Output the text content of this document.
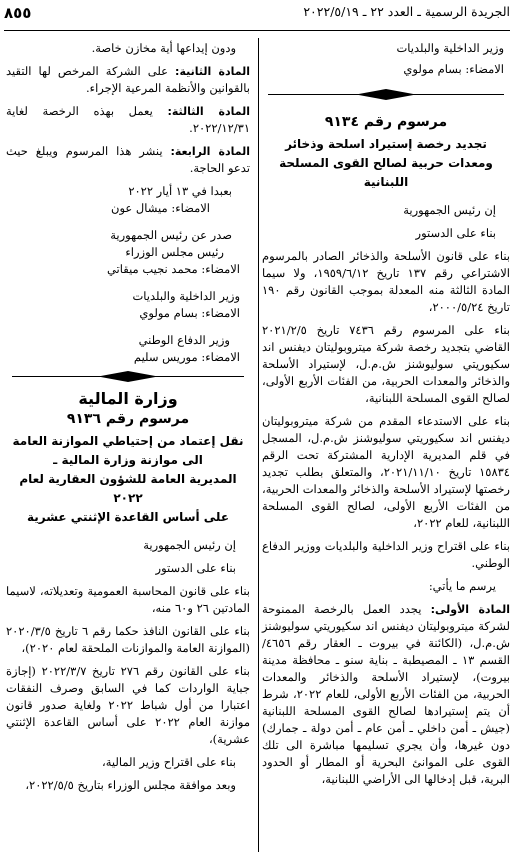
الجريدة الرسمية ـ العدد ٢٢ ـ ٢٠٢٢/٥/١٩
٨٥٥

وزير الداخلية والبلديات

الامضاء: بسام مولوي

مرسوم رقم ٩١٣٤
تجديد رخصة إستيراد اسلحة وذخائر ومعدات حربية لصالح القوى المسلحة اللبنانية

إن رئيس الجمهورية

بناء على الدستور

بناء على قانون الأسلحة والذخائر الصادر بالمرسوم الاشتراعي رقم ١٣٧ تاريخ ١٩٥٩/٦/١٢، ولا سيما المادة الثالثة منه المعدلة بموجب القانون رقم ١٩٠ تاريخ ٢٠٠٠/٥/٢٤،

بناء على المرسوم رقم ٧٤٣٦ تاريخ ٢٠٢١/٢/٥ القاضي بتجديد رخصة شركة ميتروبوليتان ديفنس اند سكيوريتي سوليوشنز ش.م.ل، لإستيراد الأسلحة والذخائر والمعدات الحربية، من الفئات الأربع الأولى، لصالح القوى المسلحة اللبنانية،

بناء على الاستدعاء المقدم من شركة ميتروبوليتان ديفنس اند سكيوريتي سوليوشنز ش.م.ل، المسجل في قلم المديرية الإدارية المشتركة تحت الرقم ١٥٨٣٤ تاريخ ٢٠٢١/١١/١٠، والمتعلق بطلب تجديد رخصتها لإستيراد الأسلحة والذخائر والمعدات الحربية، من الفئات الأربع الأولى، لصالح القوى المسلحة اللبنانية، للعام ٢٠٢٢،

بناء على اقتراح وزير الداخلية والبلديات ووزير الدفاع الوطني.

يرسم ما يأتي:

المادة الأولى: يجدد العمل بالرخصة الممنوحة لشركة ميتروبوليتان ديفنس اند سكيوريتي سوليوشنز ش.م.ل، (الكائنة في بيروت ـ العقار رقم ٤٦٥٦/ القسم ١٣ ـ المصيطبة ـ بناية سنو ـ محافظة مدينة بيروت)، لإستيراد الأسلحة والذخائر والمعدات الحربية، من الفئات الأربع الأولى، للعام ٢٠٢٢، شرط أن يتم إستيرادها لصالح القوى المسلحة اللبنانية (جيش ـ أمن داخلي ـ أمن عام ـ أمن دولة ـ جمارك) دون غيرها، وأن يجري تسليمها مباشرة الى تلك القوى على الموانئ البحرية أو المطار أو الحدود البرية، قبل إدخالها الى الأراضي اللبنانية،

ودون إيداعها أية مخازن خاصة.

المادة الثانية: على الشركة المرخص لها التقيد بالقوانين والأنظمة المرعية الإجراء.

المادة الثالثة: يعمل بهذه الرخصة لغاية ٢٠٢٢/١٢/٣١.

المادة الرابعة: ينشر هذا المرسوم ويبلغ حيث تدعو الحاجة.

بعبدا في ١٣ أيار ٢٠٢٢

الامضاء: ميشال عون

صدر عن رئيس الجمهورية

رئيس مجلس الوزراء

الامضاء: محمد نجيب ميقاتي

وزير الداخلية والبلديات

الامضاء: بسام مولوي

وزير الدفاع الوطني

الامضاء: موريس سليم

وزارة المالية
مرسوم رقم ٩١٣٦
نقل إعتماد من إحتياطي الموازنة العامة
الى موازنة وزارة المالية ـ
المديرية العامة للشؤون العقارية لعام ٢٠٢٢
على أساس القاعدة الإثنتي عشرية

إن رئيس الجمهورية

بناء على الدستور

بناء على قانون المحاسبة العمومية وتعديلاته، لاسيما المادتين ٢٦ و٦٠ منه،

بناء على القانون النافذ حكما رقم ٦ تاريخ ٢٠٢٠/٣/٥ (الموازنة العامة والموازنات الملحقة لعام ٢٠٢٠)،

بناء على القانون رقم ٢٧٦ تاريخ ٢٠٢٢/٣/٧ (إجازة جباية الواردات كما في السابق وصرف النفقات اعتبارا من أول شباط ٢٠٢٢ ولغاية صدور قانون موازنة العام ٢٠٢٢ على أساس القاعدة الإثنتي عشرية)،

بناء على اقتراح وزير المالية،

وبعد موافقة مجلس الوزراء بتاريخ ٢٠٢٢/٥/٥،
